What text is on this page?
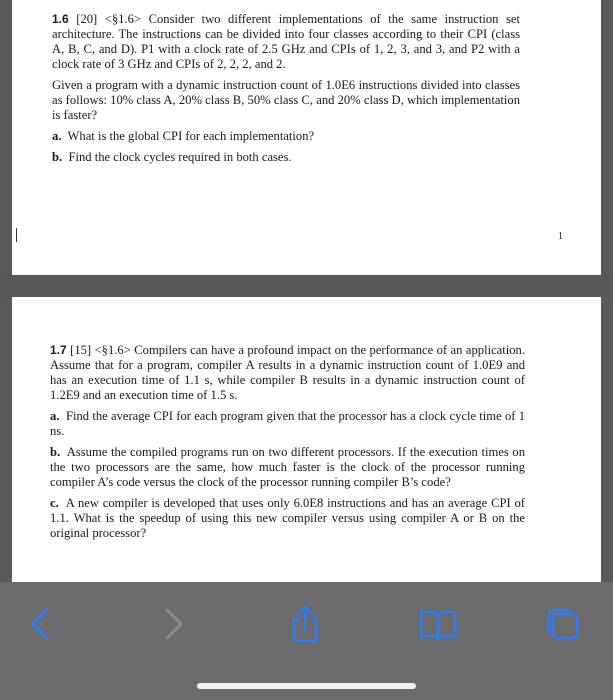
1.6 [20] <§1.6> Consider two different implementations of the same instruction set architecture. The instructions can be divided into four classes according to their CPI (class A, B, C, and D). P1 with a clock rate of 2.5 GHz and CPIs of 1, 2, 3, and 3, and P2 with a clock rate of 3 GHz and CPIs of 2, 2, 2, and 2.

Given a program with a dynamic instruction count of 1.0E6 instructions divided into classes as follows: 10% class A, 20% class B, 50% class C, and 20% class D, which implementation is faster?

a. What is the global CPI for each implementation?

b. Find the clock cycles required in both cases.

1

1.7 [15] <§1.6> Compilers can have a profound impact on the performance of an application. Assume that for a program, compiler A results in a dynamic instruction count of 1.0E9 and has an execution time of 1.1 s, while compiler B results in a dynamic instruction count of 1.2E9 and an execution time of 1.5 s.

a. Find the average CPI for each program given that the processor has a clock cycle time of 1 ns.

b. Assume the compiled programs run on two different processors. If the execution times on the two processors are the same, how much faster is the clock of the processor running compiler A’s code versus the clock of the processor running compiler B’s code?

c. A new compiler is developed that uses only 6.0E8 instructions and has an average CPI of 1.1. What is the speedup of using this new compiler versus using compiler A or B on the original processor?
